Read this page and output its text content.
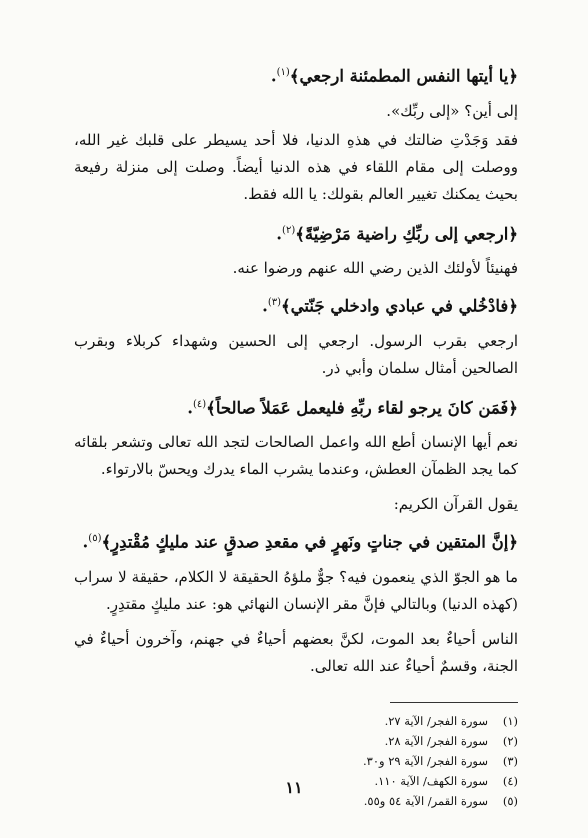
﴿يا أيتها النفس المطمئنة ارجعي﴾$^{(١)}$.
إلى أين؟ «إلى ربِّك».
فقد وَجَدْتِ ضالتك في هذهِ الدنيا، فلا أحد يسيطر على قلبك غير الله، ووصلت إلى مقام اللقاء في هذه الدنيا أيضاً. وصلت إلى منزلة رفيعة بحيث يمكنك تغيير العالم بقولك: يا الله فقط.
﴿ارجعي إلى ربِّكِ راضية مَرْضِيّةً﴾$^{(٢)}$.
فهنيئاً لأولئك الذين رضي الله عنهم ورضوا عنه.
﴿فادْخُلي في عبادي وادخلي جَنّتي﴾$^{(٣)}$.
ارجعي بقرب الرسول. ارجعي إلى الحسين وشهداء كربلاء وبقرب الصالحين أمثال سلمان وأبي ذر.
﴿فَمَن كانَ يرجو لقاء ربِّهِ فليعمل عَمَلاً صالحاً﴾$^{(٤)}$.
نعم أيها الإنسان أطع الله واعمل الصالحات لتجد الله تعالى وتشعر بلقائه كما يجد الظمآن العطش، وعندما يشرب الماء يدرك ويحسّ بالارتواء.
يقول القرآن الكريم:
﴿إنَّ المتقين في جناتٍ ونَهرٍ في مقعدِ صدقٍ عند مليكٍ مُقْتدِرٍ﴾$^{(٥)}$.
ما هو الجوّ الذي ينعمون فيه؟ جوٌّ ملؤهُ الحقيقة لا الكلام، حقيقة لا سراب (كهذه الدنيا) وبالتالي فإنَّ مقر الإنسان النهائي هو: عند مليكٍ مقتدِرٍ.
الناس أحياءٌ بعد الموت، لكنَّ بعضهم أحياءٌ في جهنم، وآخرون أحياءٌ في الجنة، وقسمٌ أحياءٌ عند الله تعالى.
(١)سورة الفجر/ الآية ٢٧.
(٢)سورة الفجر/ الآية ٢٨.
(٣)سورة الفجر/ الآية ٢٩ و٣٠.
(٤)سورة الكهف/ الآية ١١٠.
(٥)سورة القمر/ الآية ٥٤ و٥٥.
١١
